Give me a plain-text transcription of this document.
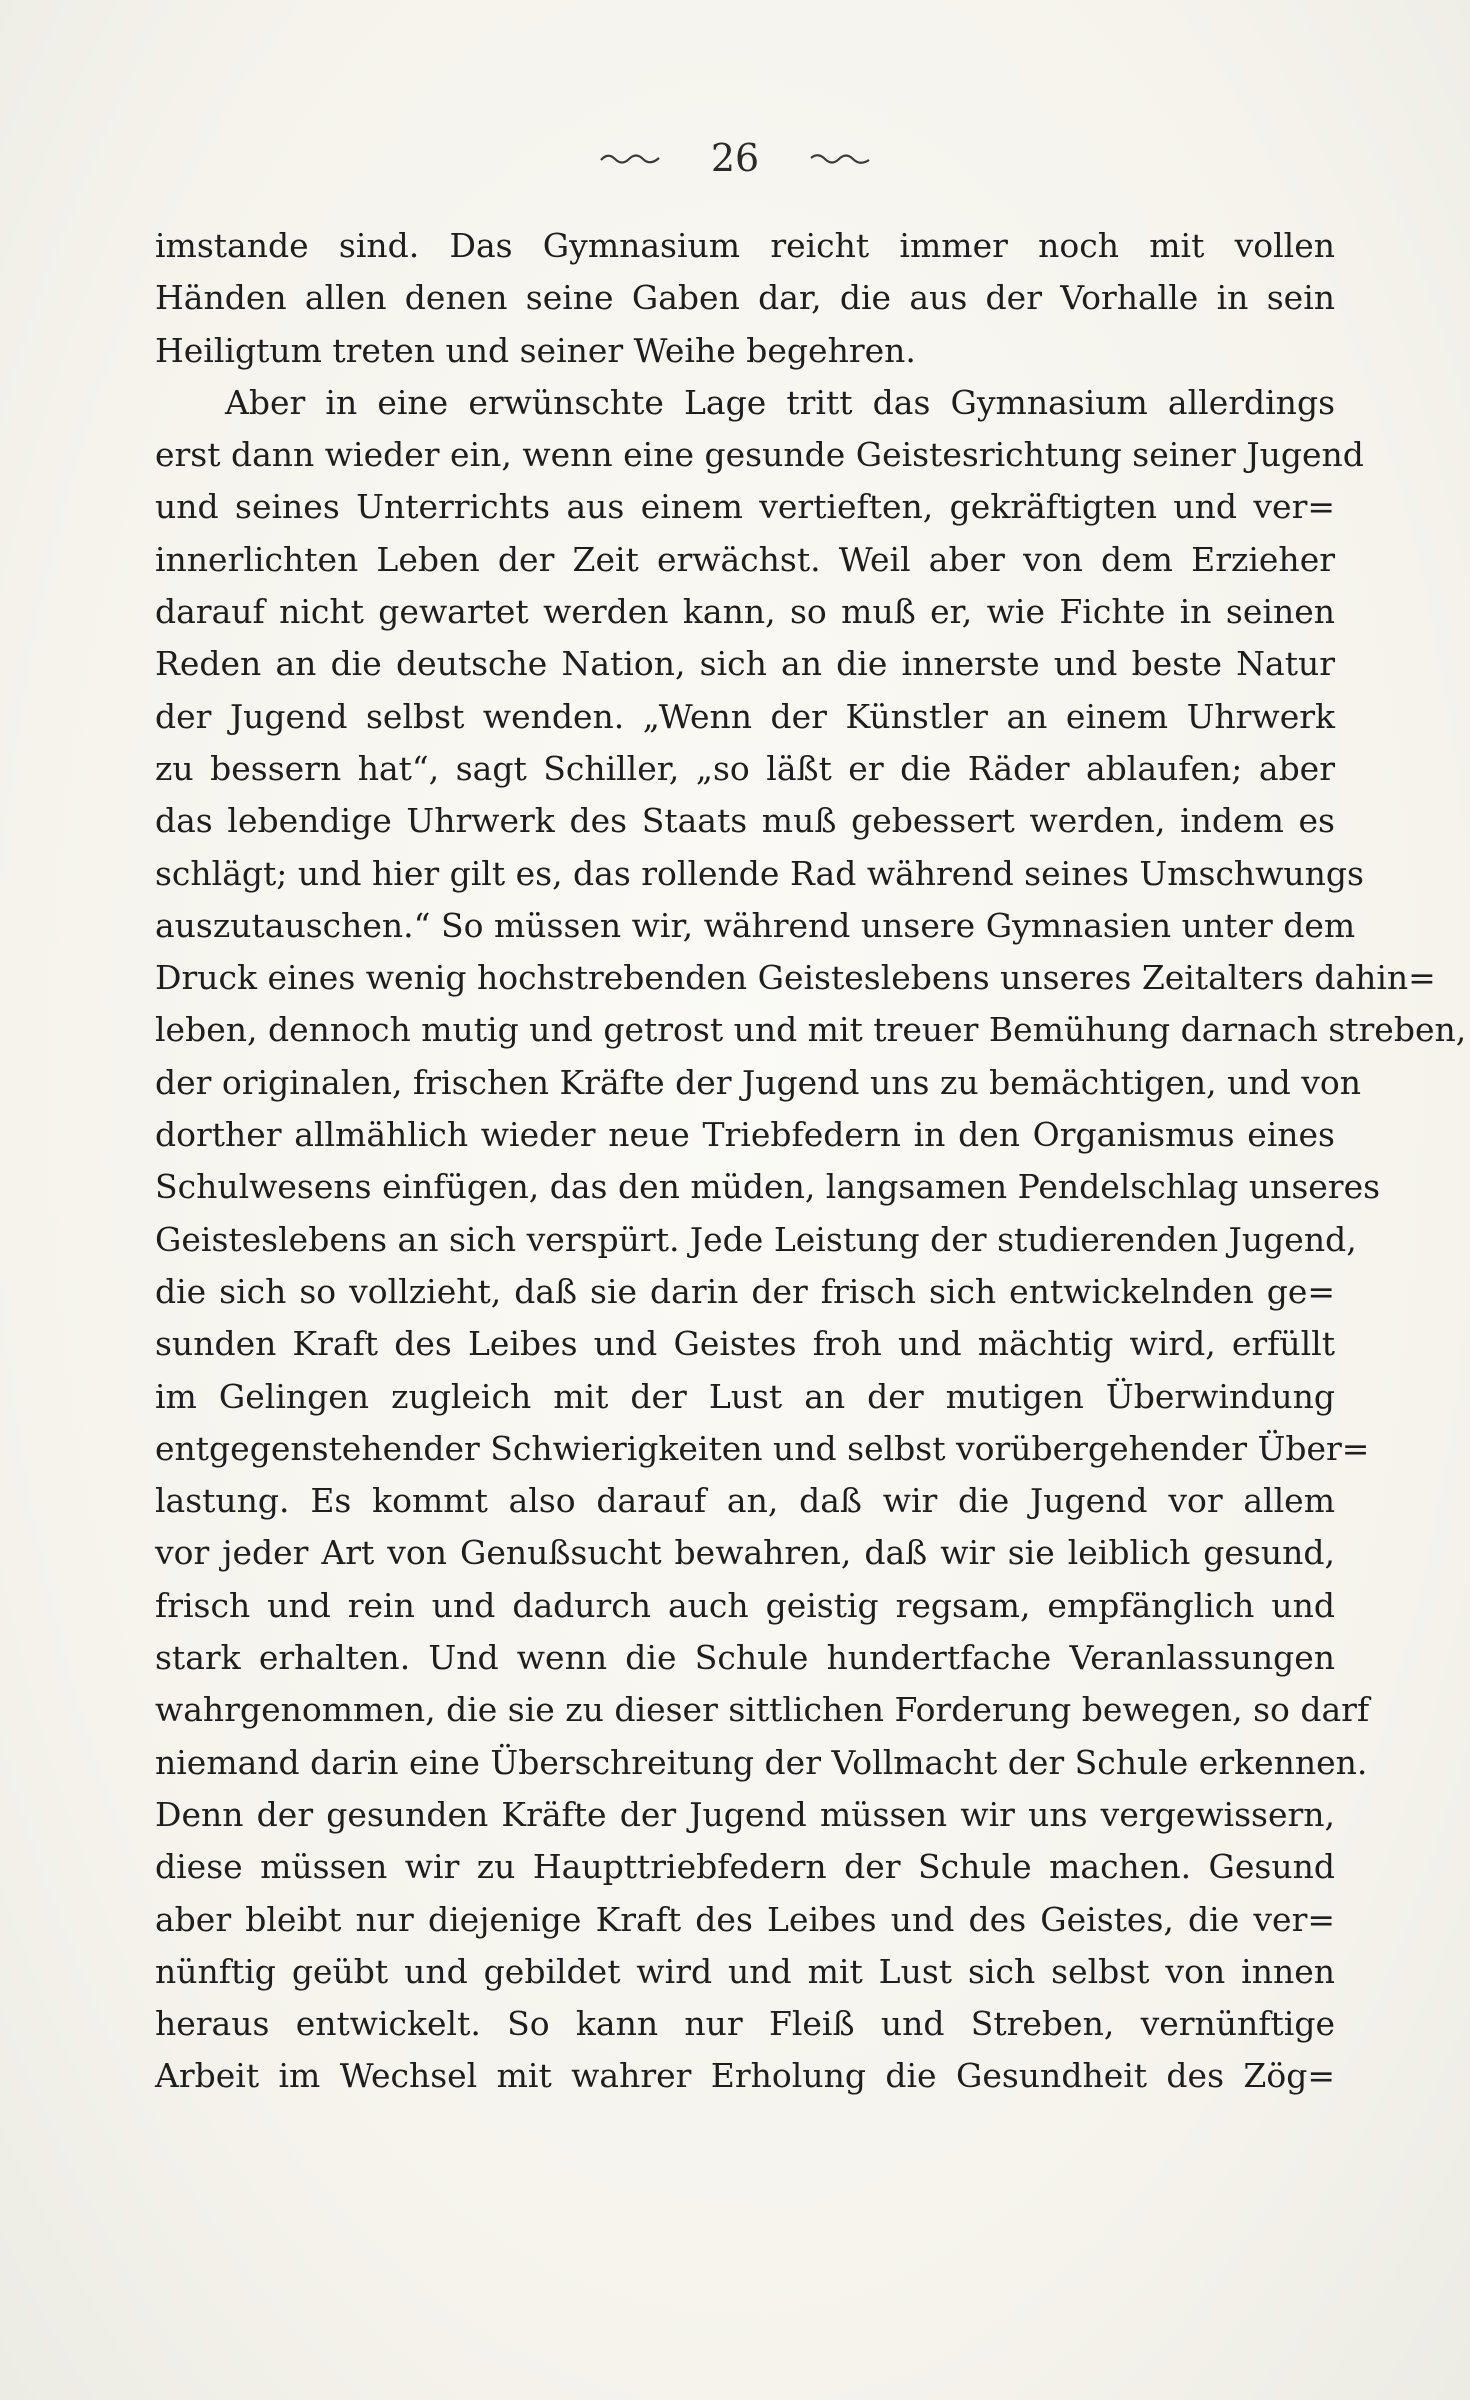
26
imstande sind. Das Gymnasium reicht immer noch mit vollen
Händen allen denen seine Gaben dar, die aus der Vorhalle in sein
Heiligtum treten und seiner Weihe begehren.
Aber in eine erwünschte Lage tritt das Gymnasium allerdings
erst dann wieder ein, wenn eine gesunde Geistesrichtung seiner Jugend
und seines Unterrichts aus einem vertieften, gekräftigten und ver=
innerlichten Leben der Zeit erwächst. Weil aber von dem Erzieher
darauf nicht gewartet werden kann, so muß er, wie Fichte in seinen
Reden an die deutsche Nation, sich an die innerste und beste Natur
der Jugend selbst wenden. „Wenn der Künstler an einem Uhrwerk
zu bessern hat“, sagt Schiller, „so läßt er die Räder ablaufen; aber
das lebendige Uhrwerk des Staats muß gebessert werden, indem es
schlägt; und hier gilt es, das rollende Rad während seines Umschwungs
auszutauschen.“ So müssen wir, während unsere Gymnasien unter dem
Druck eines wenig hochstrebenden Geisteslebens unseres Zeitalters dahin=
leben, dennoch mutig und getrost und mit treuer Bemühung darnach streben,
der originalen, frischen Kräfte der Jugend uns zu bemächtigen, und von
dorther allmählich wieder neue Triebfedern in den Organismus eines
Schulwesens einfügen, das den müden, langsamen Pendelschlag unseres
Geisteslebens an sich verspürt. Jede Leistung der studierenden Jugend,
die sich so vollzieht, daß sie darin der frisch sich entwickelnden ge=
sunden Kraft des Leibes und Geistes froh und mächtig wird, erfüllt
im Gelingen zugleich mit der Lust an der mutigen Überwindung
entgegenstehender Schwierigkeiten und selbst vorübergehender Über=
lastung. Es kommt also darauf an, daß wir die Jugend vor allem
vor jeder Art von Genußsucht bewahren, daß wir sie leiblich gesund,
frisch und rein und dadurch auch geistig regsam, empfänglich und
stark erhalten. Und wenn die Schule hundertfache Veranlassungen
wahrgenommen, die sie zu dieser sittlichen Forderung bewegen, so darf
niemand darin eine Überschreitung der Vollmacht der Schule erkennen.
Denn der gesunden Kräfte der Jugend müssen wir uns vergewissern,
diese müssen wir zu Haupttriebfedern der Schule machen. Gesund
aber bleibt nur diejenige Kraft des Leibes und des Geistes, die ver=
nünftig geübt und gebildet wird und mit Lust sich selbst von innen
heraus entwickelt. So kann nur Fleiß und Streben, vernünftige
Arbeit im Wechsel mit wahrer Erholung die Gesundheit des Zög=
